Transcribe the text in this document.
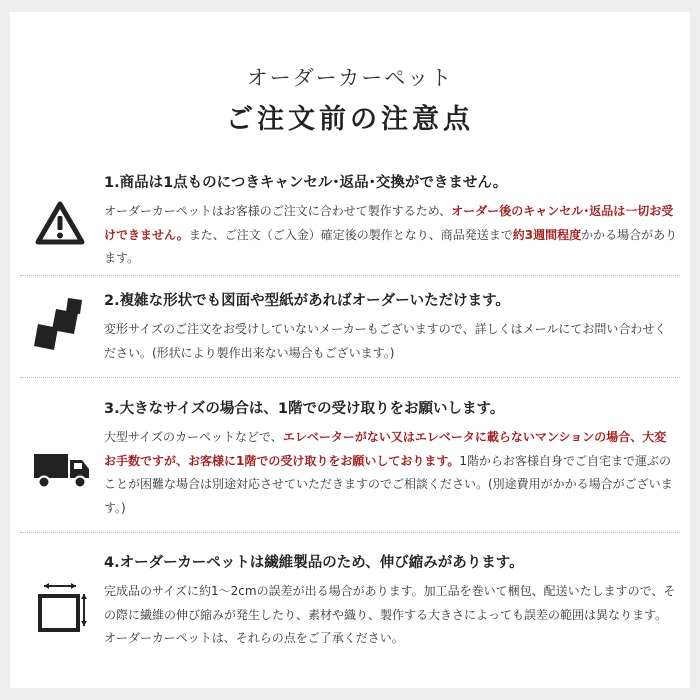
オーダーカーペット
ご注文前の注意点
1.商品は1点ものにつきキャンセル･返品･交換ができません。
オーダーカーペットはお客様のご注文に合わせて製作するため、オーダー後のキャンセル･返品は一切お受けできません。また、ご注文（ご入金）確定後の製作となり、商品発送まで約3週間程度かかる場合があります。
2.複雑な形状でも図面や型紙があればオーダーいただけます。
変形サイズのご注文をお受けしていないメーカーもございますので、詳しくはメールにてお問い合わせください。(形状により製作出来ない場合もございます。)
3.大きなサイズの場合は、1階での受け取りをお願いします。
大型サイズのカーペットなどで、エレベーターがない又はエレベータに載らないマンションの場合、大変お手数ですが、お客様に1階での受け取りをお願いしております。1階からお客様自身でご自宅まで運ぶのことが困難な場合は別途対応させていただきますのでご相談ください。(別途費用がかかる場合がございます。)
4.オーダーカーペットは繊維製品のため、伸び縮みがあります。
完成品のサイズに約1～2cmの誤差が出る場合があります。加工品を巻いて梱包、配送いたしますので、その際に繊維の伸び縮みが発生したり、素材や織り、製作する大きさによっても誤差の範囲は異なります。オーダーカーペットは、それらの点をご了承ください。
